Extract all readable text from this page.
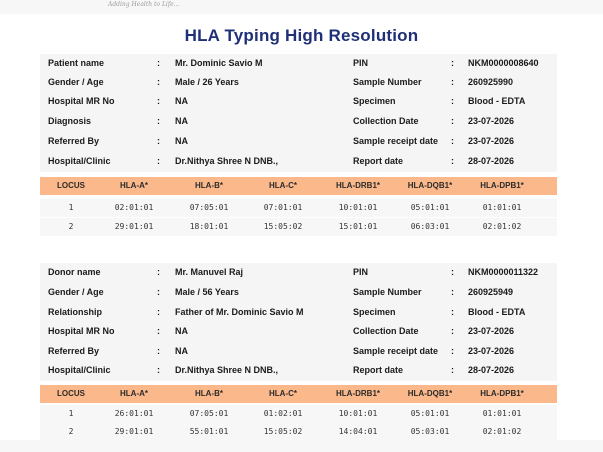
Adding Health to Life...
HLA Typing High Resolution
Patient name	: Mr. Dominic Savio M	PIN	: NKM0000008640
Gender / Age	: Male / 26 Years	Sample Number	: 260925990
Hospital MR No	: NA	Specimen	: Blood - EDTA
Diagnosis	: NA	Collection Date	: 23-07-2026
Referred By	: NA	Sample receipt date : 23-07-2026
Hospital/Clinic	: Dr.Nithya Shree N DNB.,	Report date	: 28-07-2026
LOCUS	HLA-A*	HLA-B*	HLA-C*	HLA-DRB1*	HLA-DQB1*	HLA-DPB1*
1	02:01:01	07:05:01	07:01:01	10:01:01	05:01:01	01:01:01
2	29:01:01	18:01:01	15:05:02	15:01:01	06:03:01	02:01:02
Donor name	: Mr. Manuvel Raj	PIN	: NKM0000011322
Gender / Age	: Male / 56 Years	Sample Number	: 260925949
Relationship	: Father of Mr. Dominic Savio M	Specimen	: Blood - EDTA
Hospital MR No	: NA	Collection Date	: 23-07-2026
Referred By	: NA	Sample receipt date : 23-07-2026
Hospital/Clinic	: Dr.Nithya Shree N DNB.,	Report date	: 28-07-2026
LOCUS	HLA-A*	HLA-B*	HLA-C*	HLA-DRB1*	HLA-DQB1*	HLA-DPB1*
1	26:01:01	07:05:01	01:02:01	10:01:01	05:01:01	01:01:01
2	29:01:01	55:01:01	15:05:02	14:04:01	05:03:01	02:01:02
